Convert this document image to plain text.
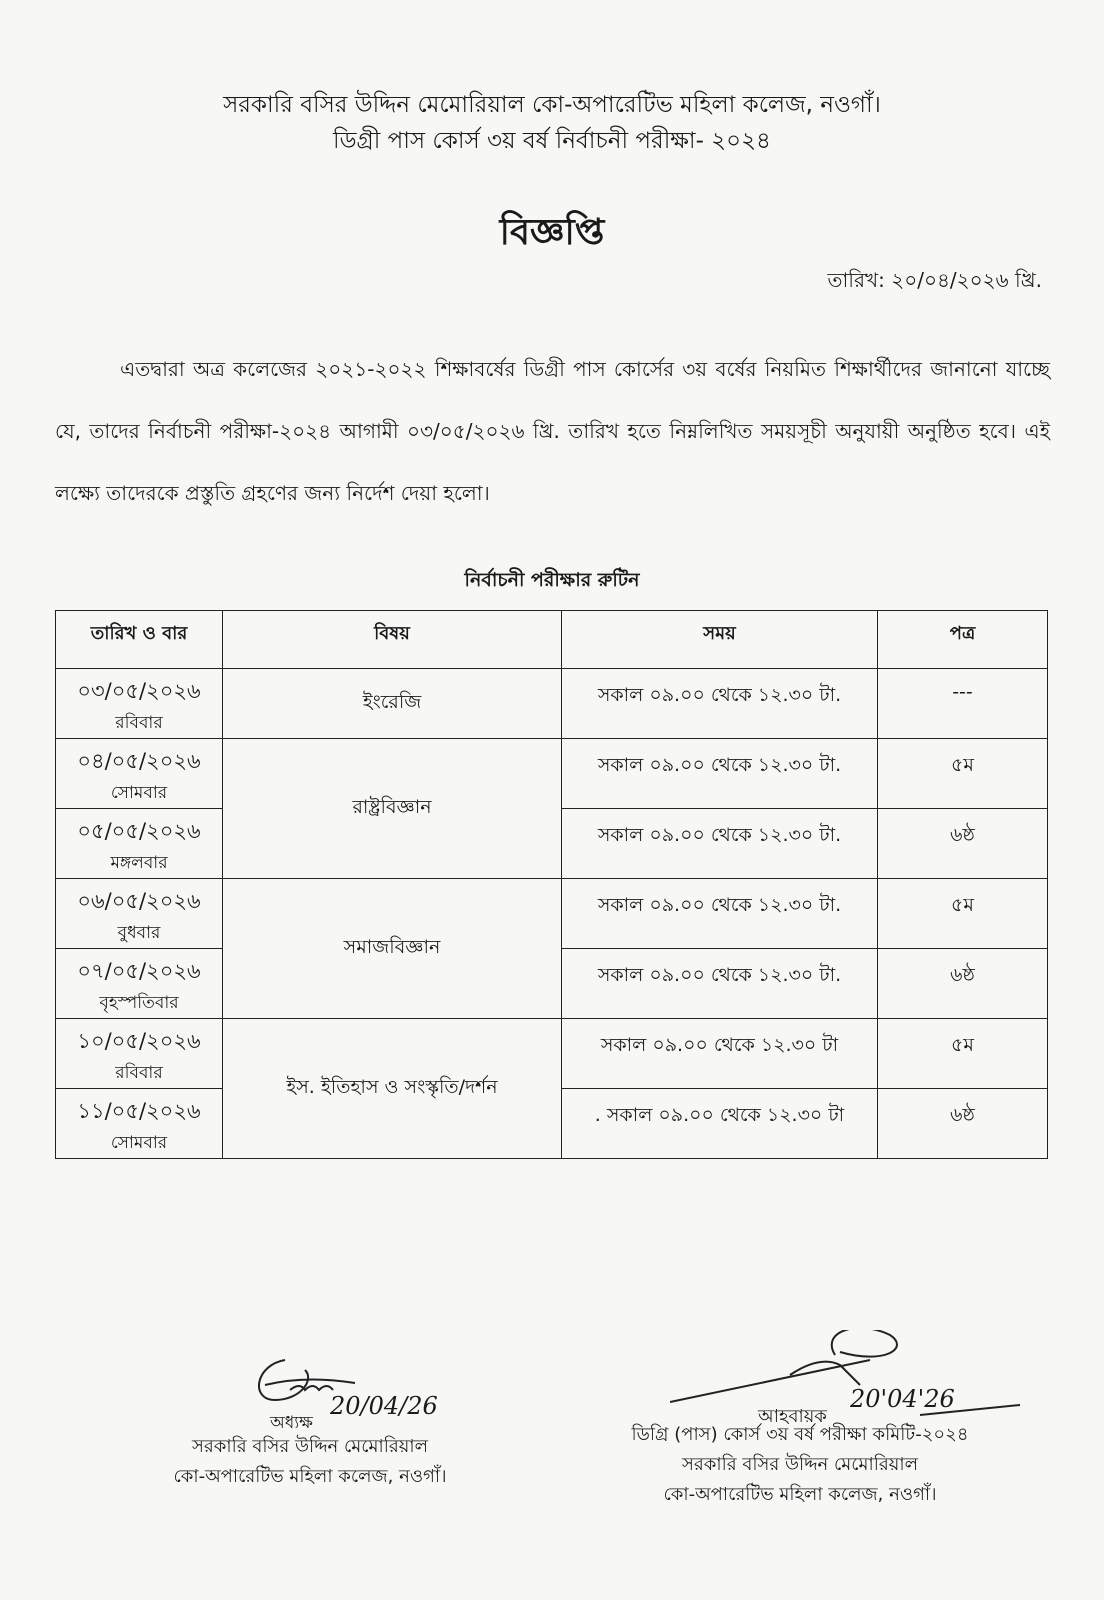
সরকারি বসির উদ্দিন মেমোরিয়াল কো-অপারেটিভ মহিলা কলেজ, নওগাঁ।
ডিগ্রী পাস কোর্স ৩য় বর্ষ নির্বাচনী পরীক্ষা- ২০২৪
বিজ্ঞপ্তি
তারিখ: ২০/০৪/২০২৬ খ্রি.
এতদ্বারা অত্র কলেজের ২০২১-২০২২ শিক্ষাবর্ষের ডিগ্রী পাস কোর্সের ৩য় বর্ষের নিয়মিত শিক্ষার্থীদের জানানো যাচ্ছে যে, তাদের নির্বাচনী পরীক্ষা-২০২৪ আগামী ০৩/০৫/২০২৬ খ্রি. তারিখ হতে নিম্নলিখিত সময়সূচী অনুযায়ী অনুষ্ঠিত হবে। এই লক্ষ্যে তাদেরকে প্রস্তুতি গ্রহণের জন্য নির্দেশ দেয়া হলো।
নির্বাচনী পরীক্ষার রুটিন
তারিখ ও বার	বিষয়	সময়	পত্র

০৩/০৫/২০২৬
রবিবার	ইংরেজি	সকাল ০৯.০০ থেকে ১২.৩০ টা.	---

০৪/০৫/২০২৬
সোমবার	রাষ্ট্রবিজ্ঞান	সকাল ০৯.০০ থেকে ১২.৩০ টা.	৫ম

০৫/০৫/২০২৬
মঙ্গলবার		সকাল ০৯.০০ থেকে ১২.৩০ টা.	৬ষ্ঠ

০৬/০৫/২০২৬
বুধবার	সমাজবিজ্ঞান	সকাল ০৯.০০ থেকে ১২.৩০ টা.	৫ম

০৭/০৫/২০২৬
বৃহস্পতিবার		সকাল ০৯.০০ থেকে ১২.৩০ টা.	৬ষ্ঠ

১০/০৫/২০২৬
রবিবার	ইস. ইতিহাস ও সংস্কৃতি/দর্শন	সকাল ০৯.০০ থেকে ১২.৩০ টা	৫ম

১১/০৫/২০২৬
সোমবার		. সকাল ০৯.০০ থেকে ১২.৩০ টা	৬ষ্ঠ
20/04/26
অধ্যক্ষ
সরকারি বসির উদ্দিন মেমোরিয়াল
কো-অপারেটিভ মহিলা কলেজ, নওগাঁ।
আহবায়ক
20'04'26
ডিগ্রি (পাস) কোর্স ৩য় বর্ষ পরীক্ষা কমিটি-২০২৪
সরকারি বসির উদ্দিন মেমোরিয়াল
কো-অপারেটিভ মহিলা কলেজ, নওগাঁ।
